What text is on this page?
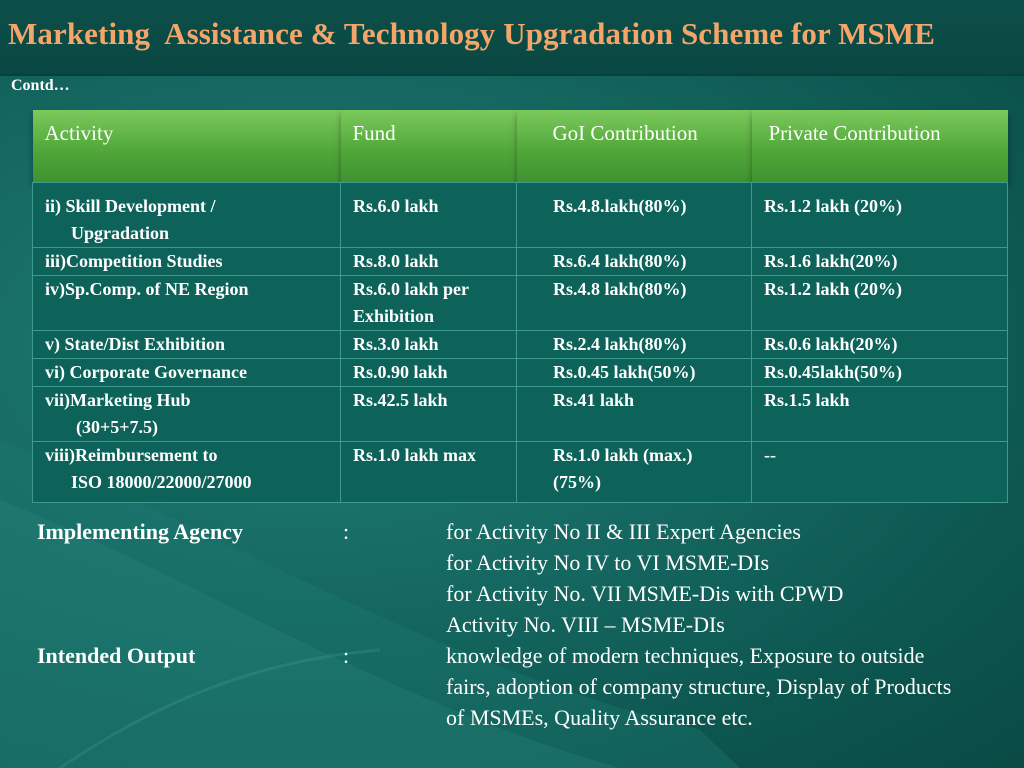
Marketing  Assistance & Technology Upgradation Scheme for MSME
Contd…
Activity	Fund	GoI Contribution	Private Contribution
ii) Skill Development /
Upgradation	Rs.6.0 lakh	Rs.4.8.lakh(80%)	Rs.1.2 lakh (20%)
iii)Competition Studies	Rs.8.0 lakh	Rs.6.4 lakh(80%)	Rs.1.6 lakh(20%)
iv)Sp.Comp. of NE Region	Rs.6.0 lakh per Exhibition	Rs.4.8 lakh(80%)	Rs.1.2 lakh (20%)
v) State/Dist Exhibition	Rs.3.0 lakh	Rs.2.4 lakh(80%)	Rs.0.6 lakh(20%)
vi) Corporate Governance	Rs.0.90 lakh	Rs.0.45 lakh(50%)	Rs.0.45lakh(50%)
vii)Marketing Hub
(30+5+7.5)	Rs.42.5 lakh	Rs.41 lakh	Rs.1.5 lakh
viii)Reimbursement to
ISO 18000/22000/27000	Rs.1.0 lakh max	Rs.1.0 lakh (max.)(75%)	--
Implementing Agency	:	for Activity No II & III Expert Agencies
for Activity No IV to VI MSME-DIs
for Activity No. VII MSME-Dis with CPWD
Activity No. VIII – MSME-DIs
Intended Output	:	knowledge of modern techniques, Exposure to outside fairs, adoption of company structure, Display of Products of MSMEs, Quality Assurance etc.
